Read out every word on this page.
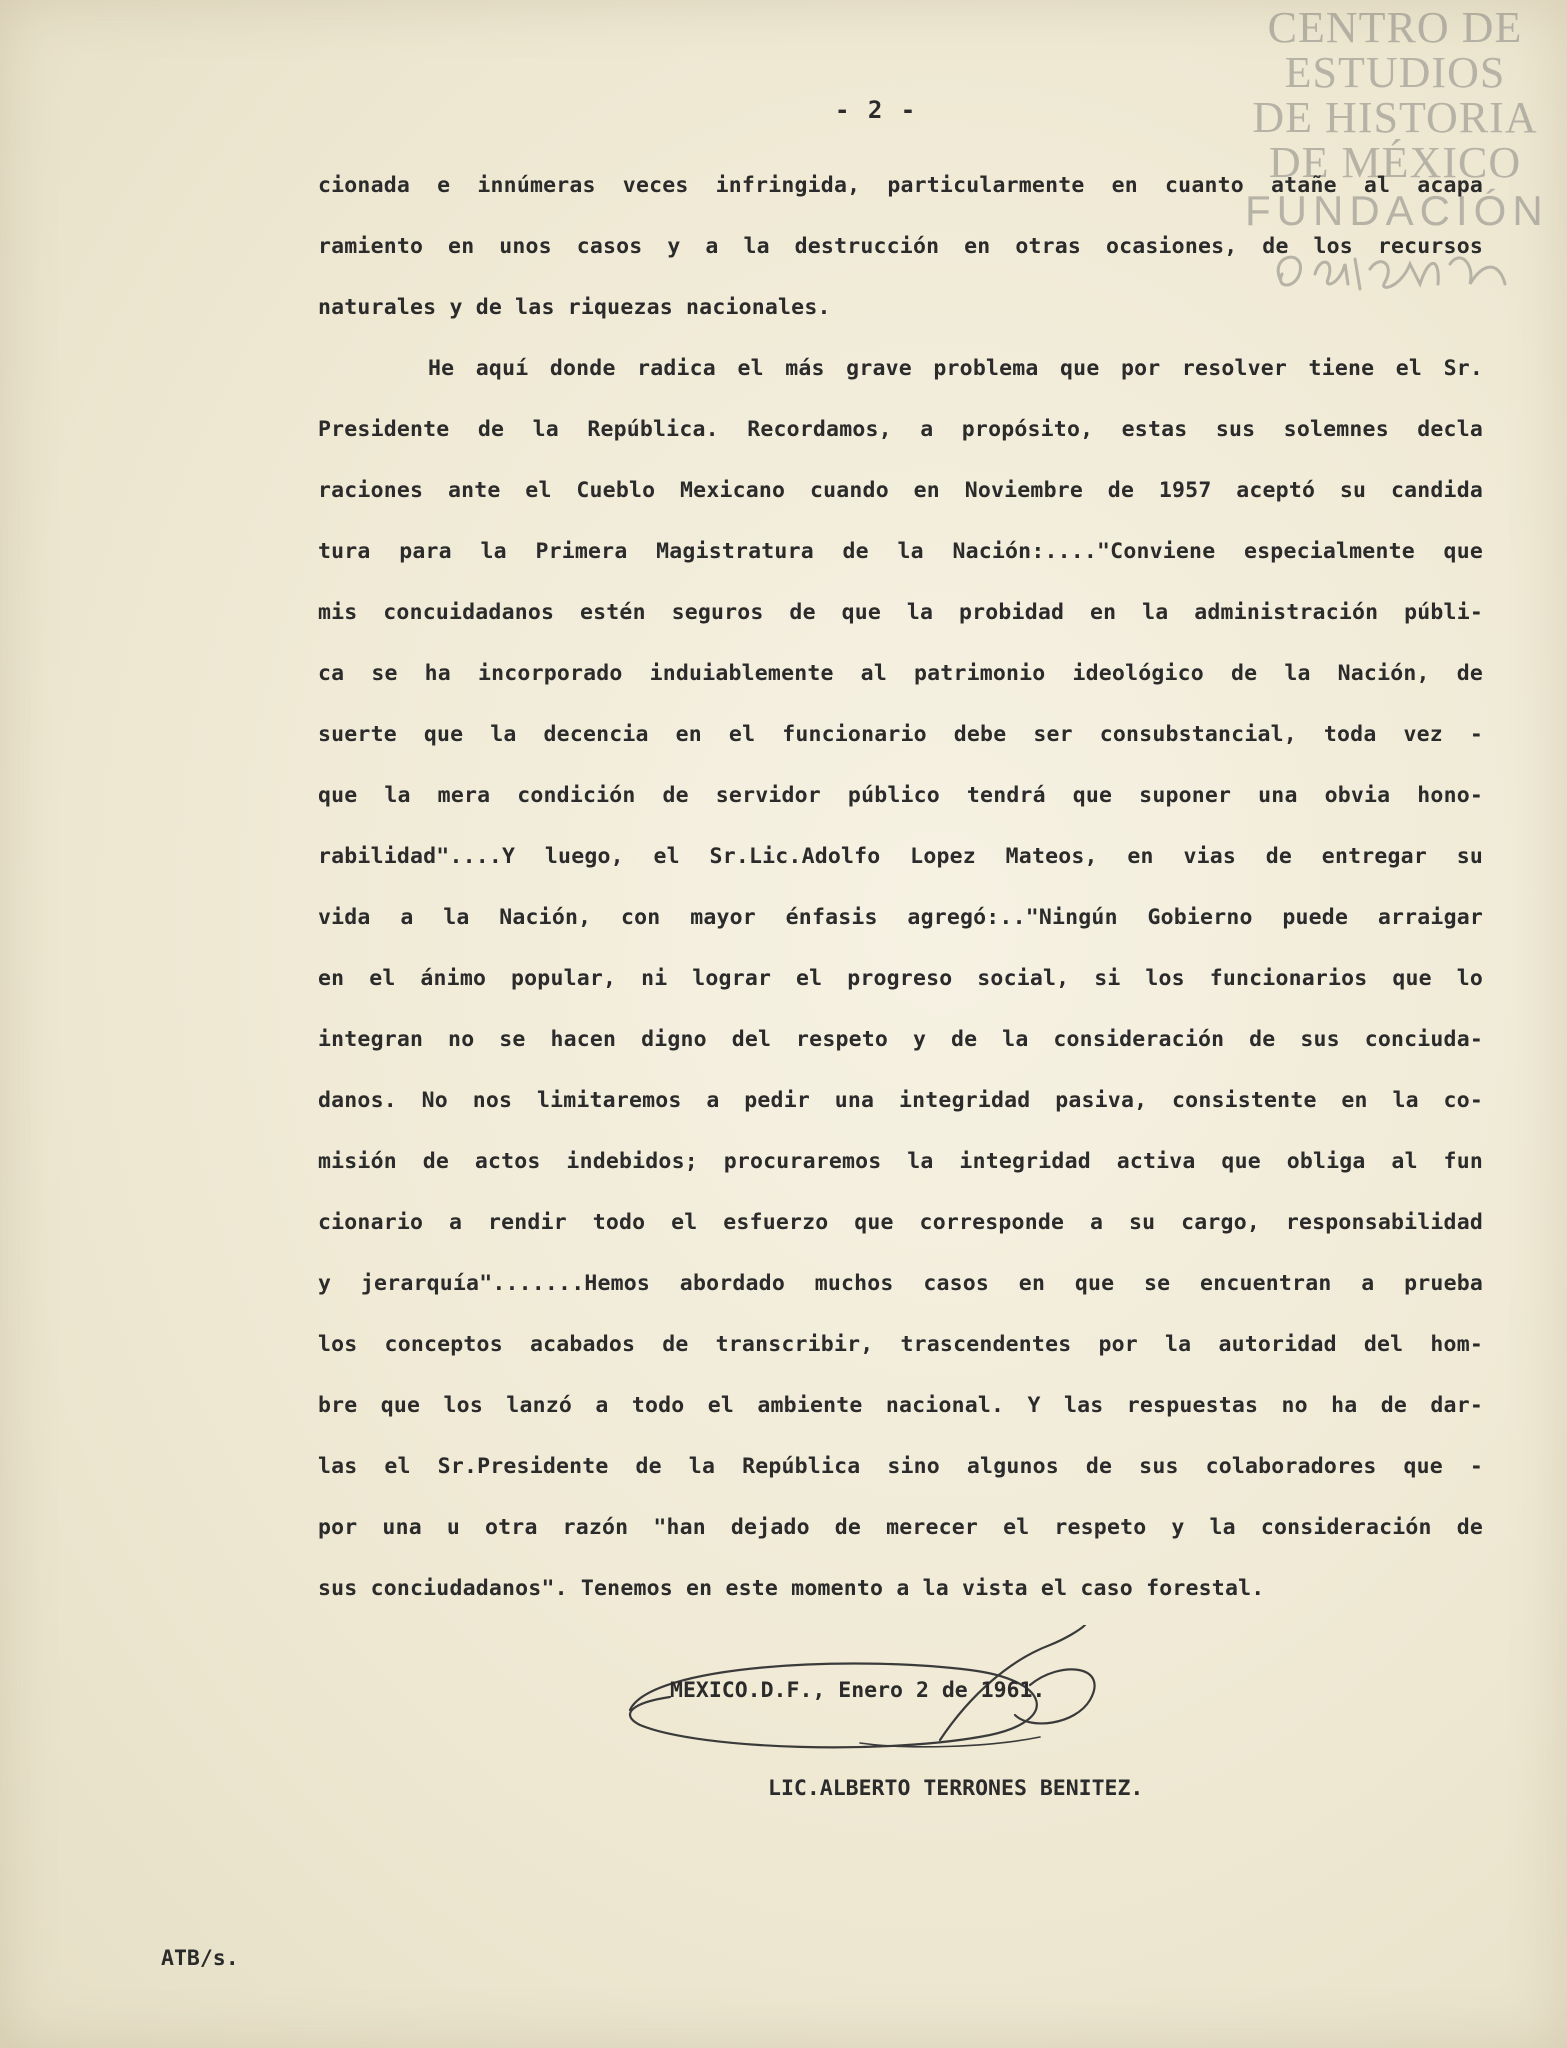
CENTRO DE
ESTUDIOS
DE HISTORIA
DE MÉXICO
FUNDACIÓN
- 2 -
cionada e innúmeras veces infringida, particularmente en cuanto atañe al acapa
ramiento en unos casos y a la destrucción en otras ocasiones, de los recursos
naturales y de las riquezas nacionales.
He aquí donde radica el más grave problema que por resolver tiene el Sr.
Presidente de la República. Recordamos, a propósito, estas sus solemnes decla
raciones ante el Cueblo Mexicano cuando en Noviembre de 1957 aceptó su candida
tura para la Primera Magistratura de la Nación:...."Conviene especialmente que
mis concuidadanos estén seguros de que la probidad en la administración públi-
ca se ha incorporado induiablemente al patrimonio ideológico de la Nación, de
suerte que la decencia en el funcionario debe ser consubstancial, toda vez -
que la mera condición de servidor público tendrá que suponer una obvia hono-
rabilidad"....Y luego, el Sr.Lic.Adolfo Lopez Mateos, en vias de entregar su
vida a la Nación, con mayor énfasis agregó:.."Ningún Gobierno puede arraigar
en el ánimo popular, ni lograr el progreso social, si los funcionarios que lo
integran no se hacen digno del respeto y de la consideración de sus conciuda-
danos. No nos limitaremos a pedir una integridad pasiva, consistente en la co-
misión de actos indebidos; procuraremos la integridad activa que obliga al fun
cionario a rendir todo el esfuerzo que corresponde a su cargo, responsabilidad
y jerarquía".......Hemos abordado muchos casos en que se encuentran a prueba
los conceptos acabados de transcribir, trascendentes por la autoridad del hom-
bre que los lanzó a todo el ambiente nacional. Y las respuestas no ha de dar-
las el Sr.Presidente de la República sino algunos de sus colaboradores que -
por una u otra razón "han dejado de merecer el respeto y la consideración de
sus conciudadanos". Tenemos en este momento a la vista el caso forestal.
MEXICO.D.F., Enero 2 de 1961.
LIC.ALBERTO TERRONES BENITEZ.
ATB/s.
